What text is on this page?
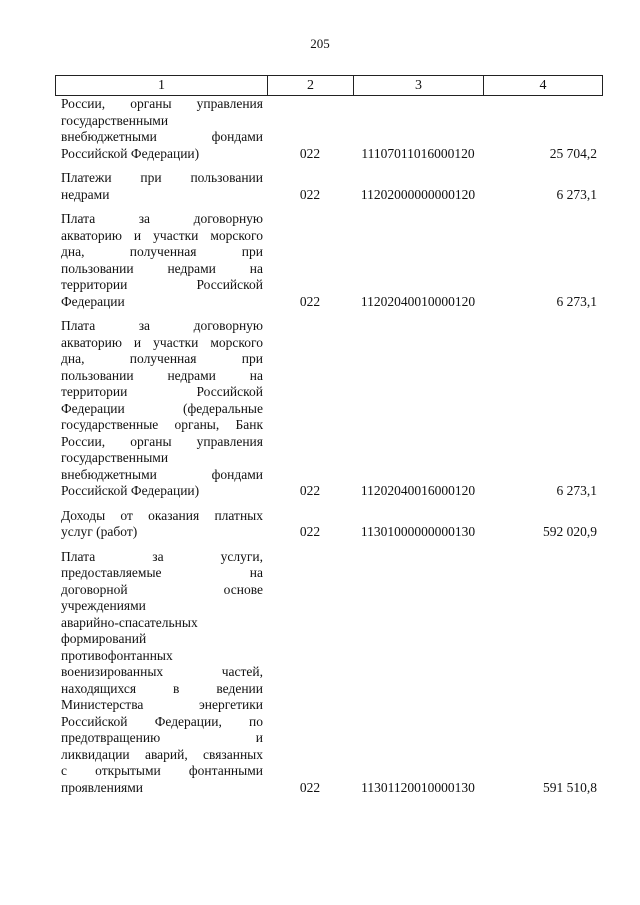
205
1	2	3	4
России, органы управления
государственными
внебюджетными фондами
Российской Федерации)	022	11107011016000120	25 704,2
Платежи при пользовании
недрами	022	11202000000000120	6 273,1
Плата за договорную
акваторию и участки морского
дна, полученная при
пользовании недрами на
территории Российской
Федерации	022	11202040010000120	6 273,1
Плата за договорную
акваторию и участки морского
дна, полученная при
пользовании недрами на
территории Российской
Федерации (федеральные
государственные органы, Банк
России, органы управления
государственными
внебюджетными фондами
Российской Федерации)	022	11202040016000120	6 273,1
Доходы от оказания платных
услуг (работ)	022	11301000000000130	592 020,9
Плата за услуги,
предоставляемые на
договорной основе
учреждениями
аварийно-спасательных
формирований
противофонтанных
военизированных частей,
находящихся в ведении
Министерства энергетики
Российской Федерации, по
предотвращению и
ликвидации аварий, связанных
с открытыми фонтанными
проявлениями	022	11301120010000130	591 510,8
